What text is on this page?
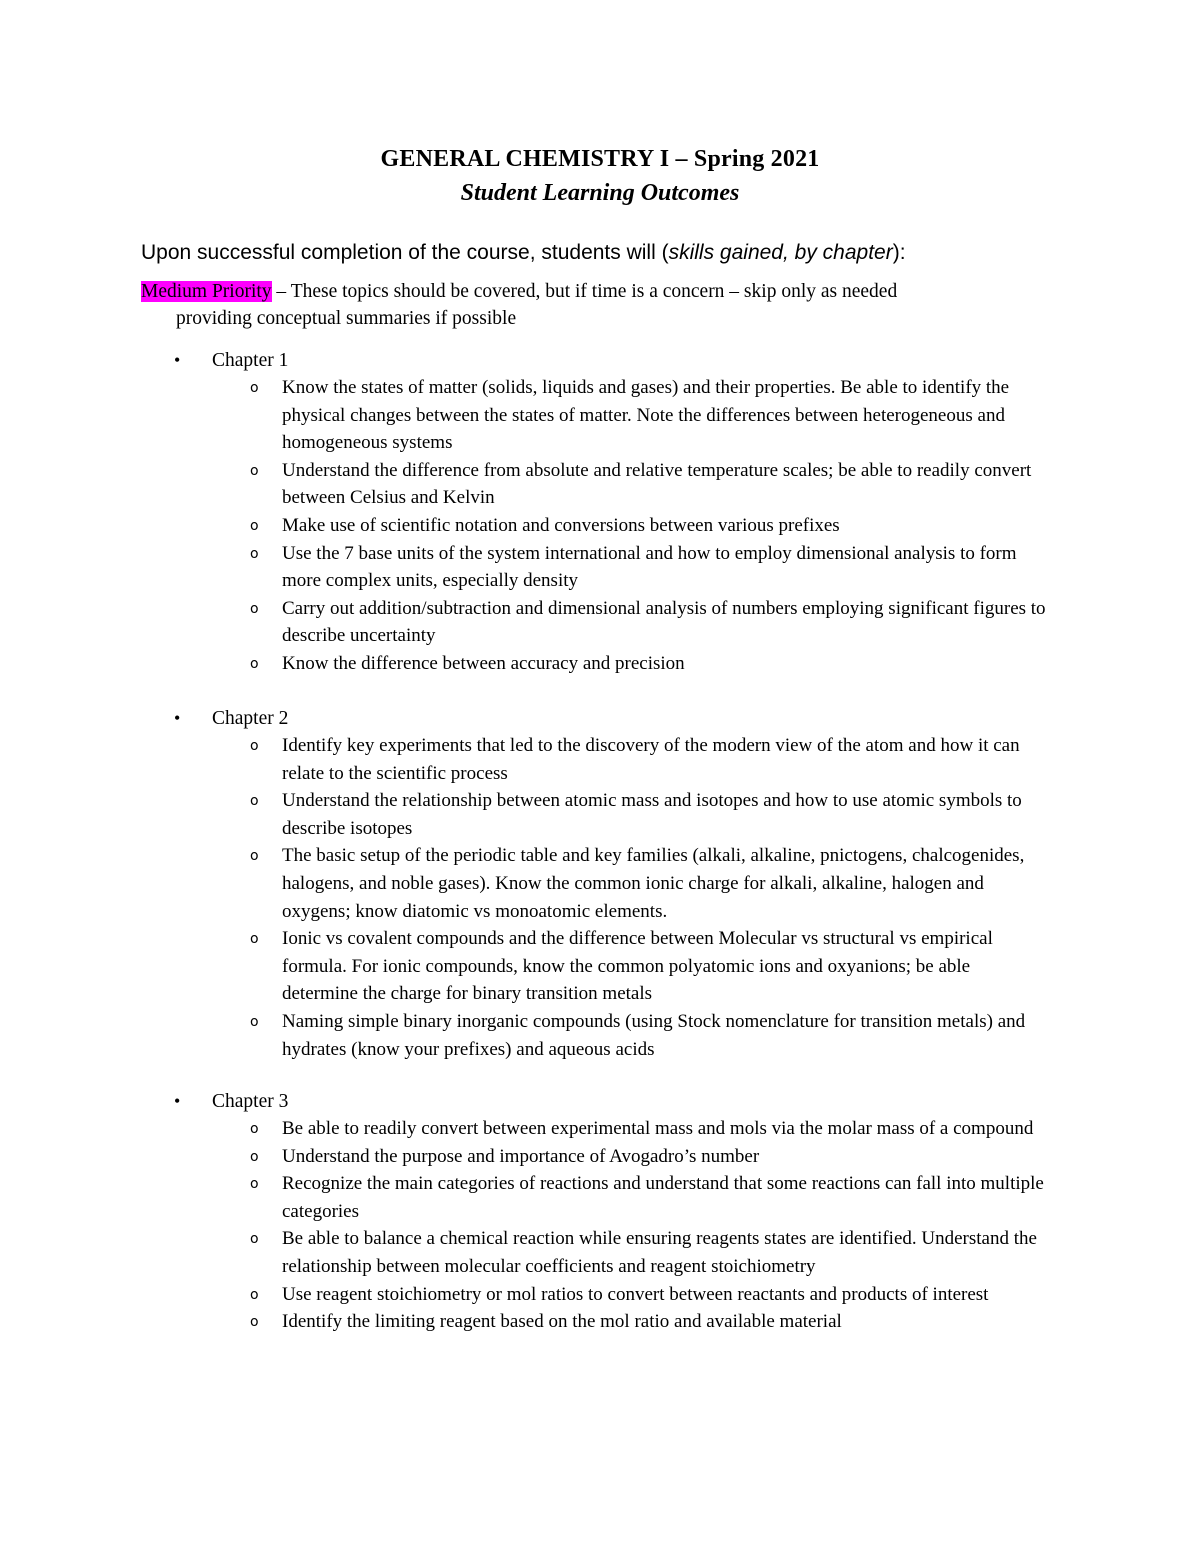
GENERAL CHEMISTRY I – Spring 2021
Student Learning Outcomes
Upon successful completion of the course, students will (skills gained, by chapter):
Medium Priority – These topics should be covered, but if time is a concern – skip only as needed
providing conceptual summaries if possible
• Chapter 1
o Know the states of matter (solids, liquids and gases) and their properties. Be able to identify the physical changes between the states of matter. Note the differences between heterogeneous and homogeneous systems
o Understand the difference from absolute and relative temperature scales; be able to readily convert between Celsius and Kelvin
o Make use of scientific notation and conversions between various prefixes
o Use the 7 base units of the system international and how to employ dimensional analysis to form more complex units, especially density
o Carry out addition/subtraction and dimensional analysis of numbers employing significant figures to describe uncertainty
o Know the difference between accuracy and precision
• Chapter 2
o Identify key experiments that led to the discovery of the modern view of the atom and how it can relate to the scientific process
o Understand the relationship between atomic mass and isotopes and how to use atomic symbols to describe isotopes
o The basic setup of the periodic table and key families (alkali, alkaline, pnictogens, chalcogenides, halogens, and noble gases). Know the common ionic charge for alkali, alkaline, halogen and oxygens; know diatomic vs monoatomic elements.
o Ionic vs covalent compounds and the difference between Molecular vs structural vs empirical formula. For ionic compounds, know the common polyatomic ions and oxyanions; be able determine the charge for binary transition metals
o Naming simple binary inorganic compounds (using Stock nomenclature for transition metals) and hydrates (know your prefixes) and aqueous acids
• Chapter 3
o Be able to readily convert between experimental mass and mols via the molar mass of a compound
o Understand the purpose and importance of Avogadro’s number
o Recognize the main categories of reactions and understand that some reactions can fall into multiple categories
o Be able to balance a chemical reaction while ensuring reagents states are identified. Understand the relationship between molecular coefficients and reagent stoichiometry
o Use reagent stoichiometry or mol ratios to convert between reactants and products of interest
o Identify the limiting reagent based on the mol ratio and available material
